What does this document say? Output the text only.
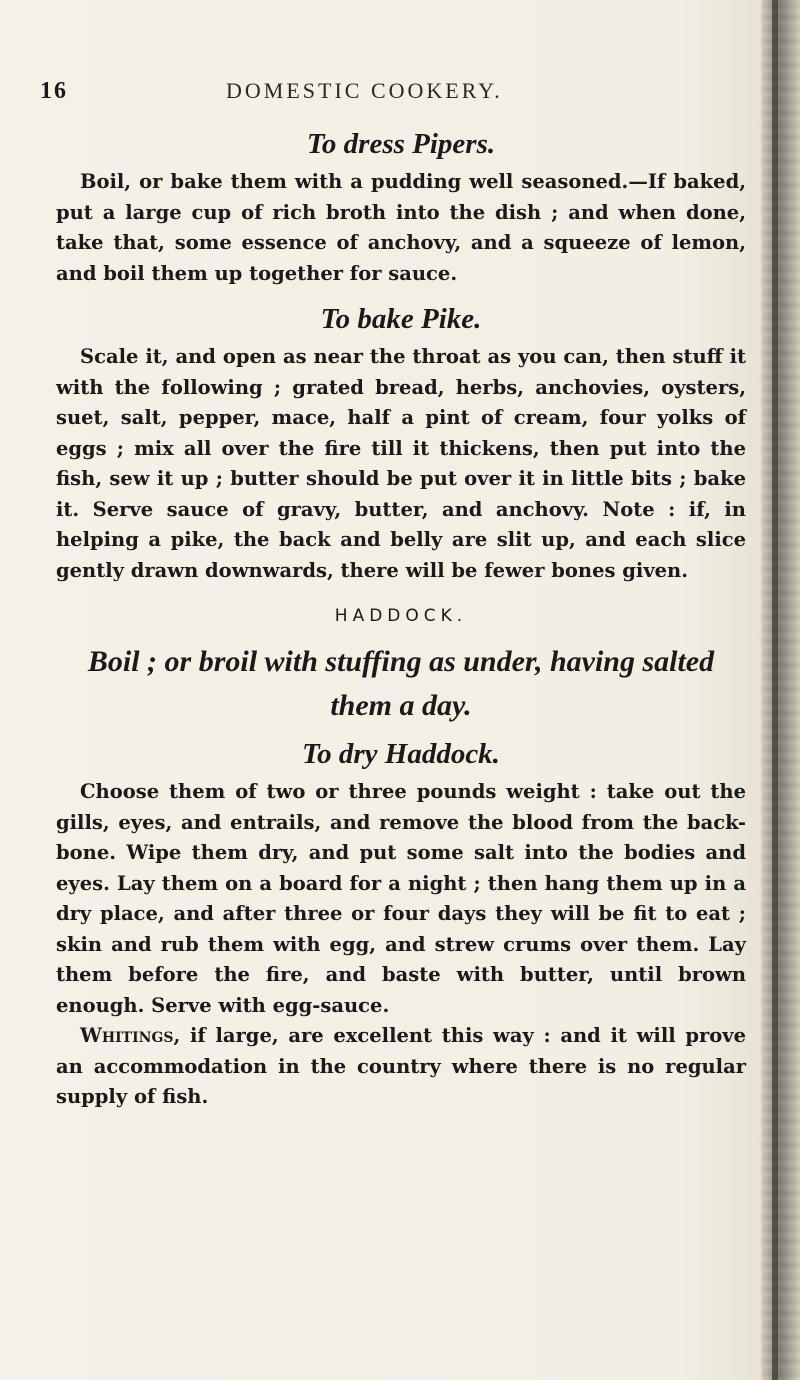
16	DOMESTIC COOKERY.
To dress Pipers.

Boil, or bake them with a pudding well seasoned.—If baked, put a large cup of rich broth into the dish ; and when done, take that, some essence of anchovy, and a squeeze of lemon, and boil them up together for sauce.

To bake Pike.

Scale it, and open as near the throat as you can, then stuff it with the following ; grated bread, herbs, anchovies, oysters, suet, salt, pepper, mace, half a pint of cream, four yolks of eggs ; mix all over the fire till it thickens, then put into the fish, sew it up ; butter should be put over it in little bits ; bake it. Serve sauce of gravy, butter, and anchovy. Note : if, in helping a pike, the back and belly are slit up, and each slice gently drawn downwards, there will be fewer bones given.

HADDOCK.
Boil ; or broil with stuffing as under, having salted them a day.
To dry Haddock.

Choose them of two or three pounds weight : take out the gills, eyes, and entrails, and remove the blood from the back-bone. Wipe them dry, and put some salt into the bodies and eyes. Lay them on a board for a night ; then hang them up in a dry place, and after three or four days they will be fit to eat ; skin and rub them with egg, and strew crums over them. Lay them before the fire, and baste with butter, until brown enough. Serve with egg-sauce.

Whitings, if large, are excellent this way : and it will prove an accommodation in the country where there is no regular supply of fish.
